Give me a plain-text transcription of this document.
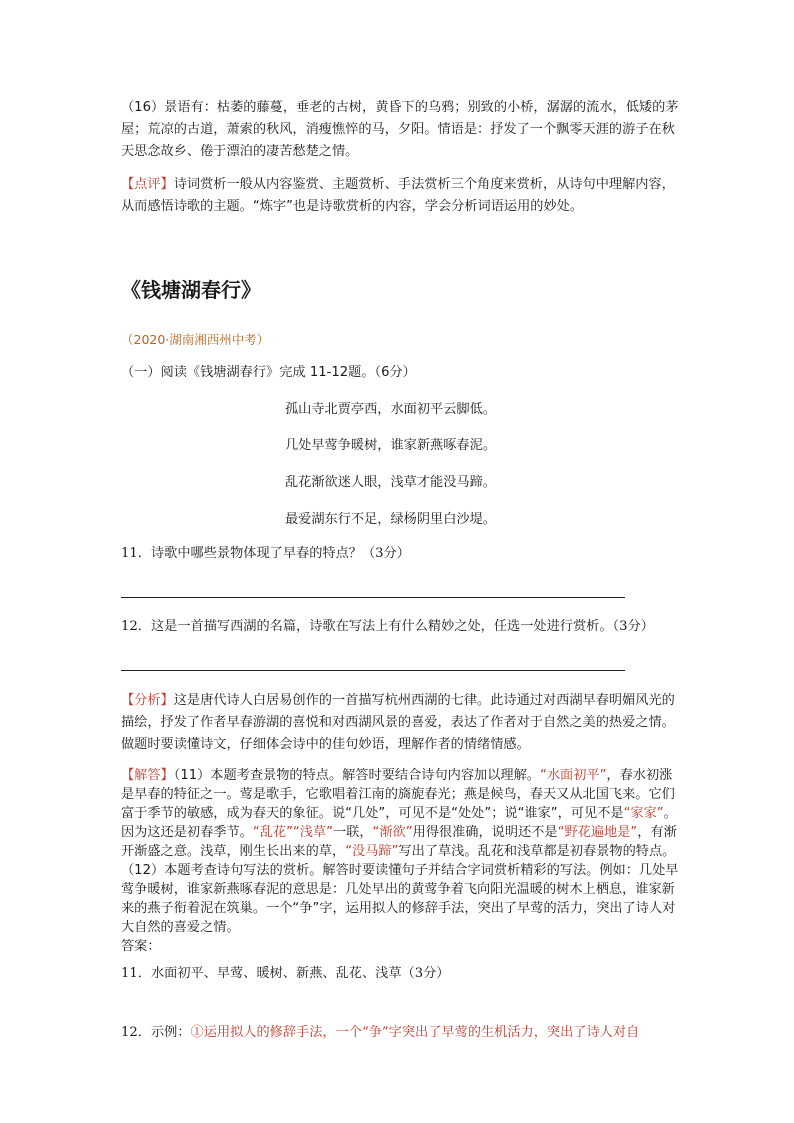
（16）景语有：枯萎的藤蔓，垂老的古树，黄昏下的乌鸦；别致的小桥，潺潺的流水，低矮的茅屋；荒凉的古道，萧索的秋风，消瘦憔悴的马，夕阳。情语是：抒发了一个飘零天涯的游子在秋天思念故乡、倦于漂泊的凄苦愁楚之情。

【点评】诗词赏析一般从内容鉴赏、主题赏析、手法赏析三个角度来赏析，从诗句中理解内容，从而感悟诗歌的主题。“炼字”也是诗歌赏析的内容，学会分析词语运用的妙处。

《钱塘湖春行》

（2020·湖南湘西州中考）

（一）阅读《钱塘湖春行》完成 11-12题。（6分）

孤山寺北贾亭西，水面初平云脚低。
几处早莺争暖树，谁家新燕啄春泥。
乱花渐欲迷人眼，浅草才能没马蹄。
最爱湖东行不足，绿杨阴里白沙堤。

11．诗歌中哪些景物体现了早春的特点？（3分）

12．这是一首描写西湖的名篇，诗歌在写法上有什么精妙之处，任选一处进行赏析。（3分）

【分析】这是唐代诗人白居易创作的一首描写杭州西湖的七律。此诗通过对西湖早春明媚风光的描绘，抒发了作者早春游湖的喜悦和对西湖风景的喜爱，表达了作者对于自然之美的热爱之情。做题时要读懂诗文，仔细体会诗中的佳句妙语，理解作者的情绪情感。

【解答】（11）本题考查景物的特点。解答时要结合诗句内容加以理解。“水面初平”，春水初涨是早春的特征之一。莺是歌手，它歌唱着江南的旖旎春光；燕是候鸟，春天又从北国飞来。它们富于季节的敏感，成为春天的象征。说“几处”，可见不是“处处”；说“谁家”，可见不是“家家”。因为这还是初春季节。“乱花”“浅草”一联，“渐欲”用得很准确，说明还不是“野花遍地是”，有渐开渐盛之意。浅草，刚生长出来的草，“没马蹄”写出了草浅。乱花和浅草都是初春景物的特点。

（12）本题考查诗句写法的赏析。解答时要读懂句子并结合字词赏析精彩的写法。例如：几处早莺争暖树，谁家新燕啄春泥的意思是：几处早出的黄莺争着飞向阳光温暖的树木上栖息，谁家新来的燕子衔着泥在筑巢。一个“争”字，运用拟人的修辞手法，突出了早莺的活力，突出了诗人对大自然的喜爱之情。

答案：

11．水面初平、早莺、暖树、新燕、乱花、浅草（3分）

12．示例：①运用拟人的修辞手法，一个“争”字突出了早莺的生机活力，突出了诗人对自
